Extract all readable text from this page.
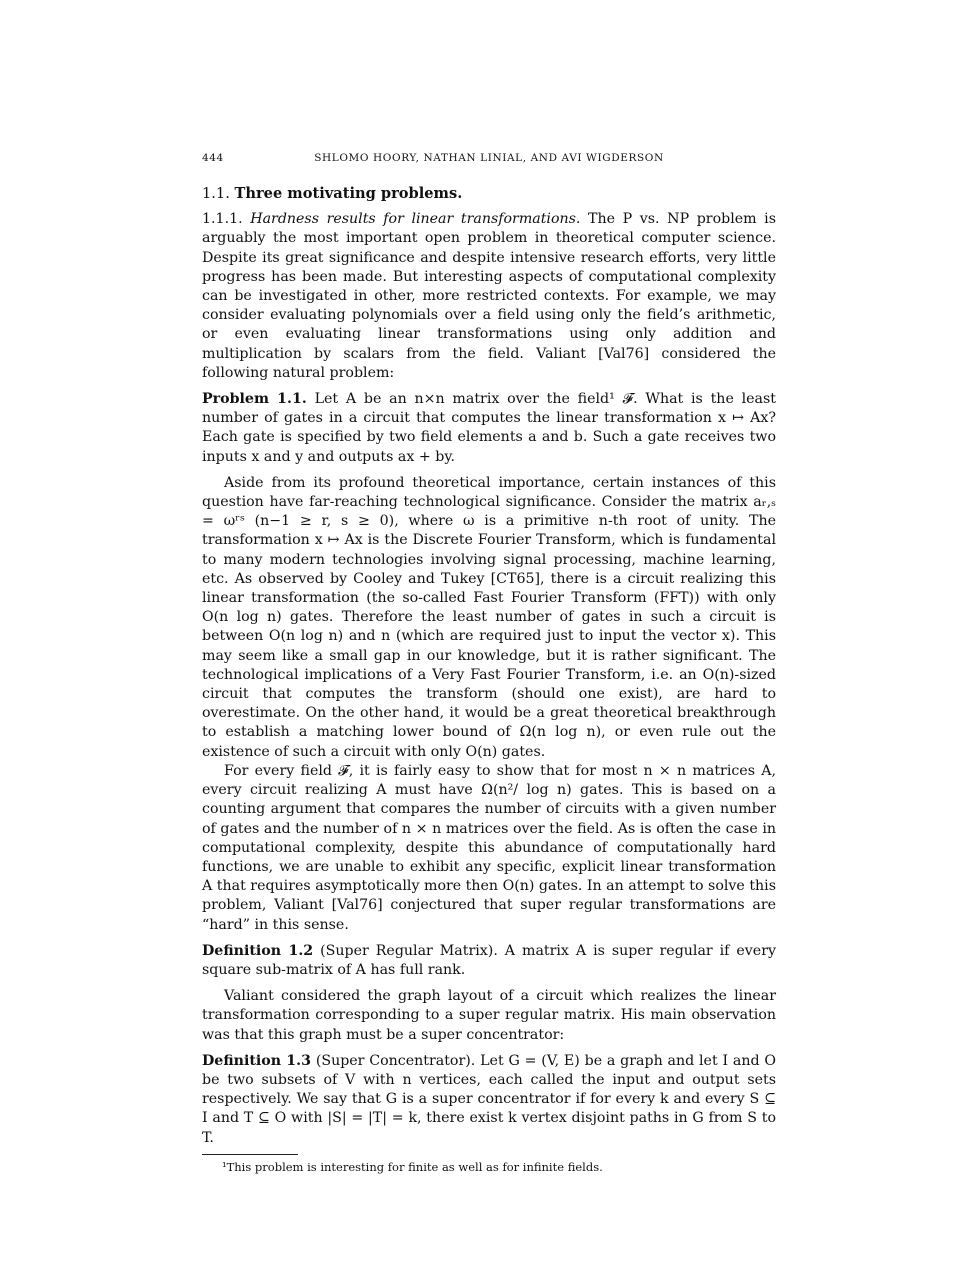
444	SHLOMO HOORY, NATHAN LINIAL, AND AVI WIGDERSON

1.1. Three motivating problems.

1.1.1. Hardness results for linear transformations. The P vs. NP problem is arguably the most important open problem in theoretical computer science. Despite its great significance and despite intensive research efforts, very little progress has been made. But interesting aspects of computational complexity can be investigated in other, more restricted contexts. For example, we may consider evaluating polynomials over a field using only the field’s arithmetic, or even evaluating linear transformations using only addition and multiplication by scalars from the field. Valiant [Val76] considered the following natural problem:

Problem 1.1. Let A be an n×n matrix over the field¹ 𝓕. What is the least number of gates in a circuit that computes the linear transformation x ↦ Ax? Each gate is specified by two field elements a and b. Such a gate receives two inputs x and y and outputs ax + by.

Aside from its profound theoretical importance, certain instances of this question have far-reaching technological significance. Consider the matrix aᵣ,ₛ = ωʳˢ (n−1 ≥ r, s ≥ 0), where ω is a primitive n-th root of unity. The transformation x ↦ Ax is the Discrete Fourier Transform, which is fundamental to many modern technologies involving signal processing, machine learning, etc. As observed by Cooley and Tukey [CT65], there is a circuit realizing this linear transformation (the so-called Fast Fourier Transform (FFT)) with only O(n log n) gates. Therefore the least number of gates in such a circuit is between O(n log n) and n (which are required just to input the vector x). This may seem like a small gap in our knowledge, but it is rather significant. The technological implications of a Very Fast Fourier Transform, i.e. an O(n)-sized circuit that computes the transform (should one exist), are hard to overestimate. On the other hand, it would be a great theoretical breakthrough to establish a matching lower bound of Ω(n log n), or even rule out the existence of such a circuit with only O(n) gates.

For every field 𝓕, it is fairly easy to show that for most n × n matrices A, every circuit realizing A must have Ω(n²/ log n) gates. This is based on a counting argument that compares the number of circuits with a given number of gates and the number of n × n matrices over the field. As is often the case in computational complexity, despite this abundance of computationally hard functions, we are unable to exhibit any specific, explicit linear transformation A that requires asymptotically more then O(n) gates. In an attempt to solve this problem, Valiant [Val76] conjectured that super regular transformations are “hard” in this sense.

Definition 1.2 (Super Regular Matrix). A matrix A is super regular if every square sub-matrix of A has full rank.

Valiant considered the graph layout of a circuit which realizes the linear transformation corresponding to a super regular matrix. His main observation was that this graph must be a super concentrator:

Definition 1.3 (Super Concentrator). Let G = (V, E) be a graph and let I and O be two subsets of V with n vertices, each called the input and output sets respectively. We say that G is a super concentrator if for every k and every S ⊆ I and T ⊆ O with |S| = |T| = k, there exist k vertex disjoint paths in G from S to T.

¹This problem is interesting for finite as well as for infinite fields.
